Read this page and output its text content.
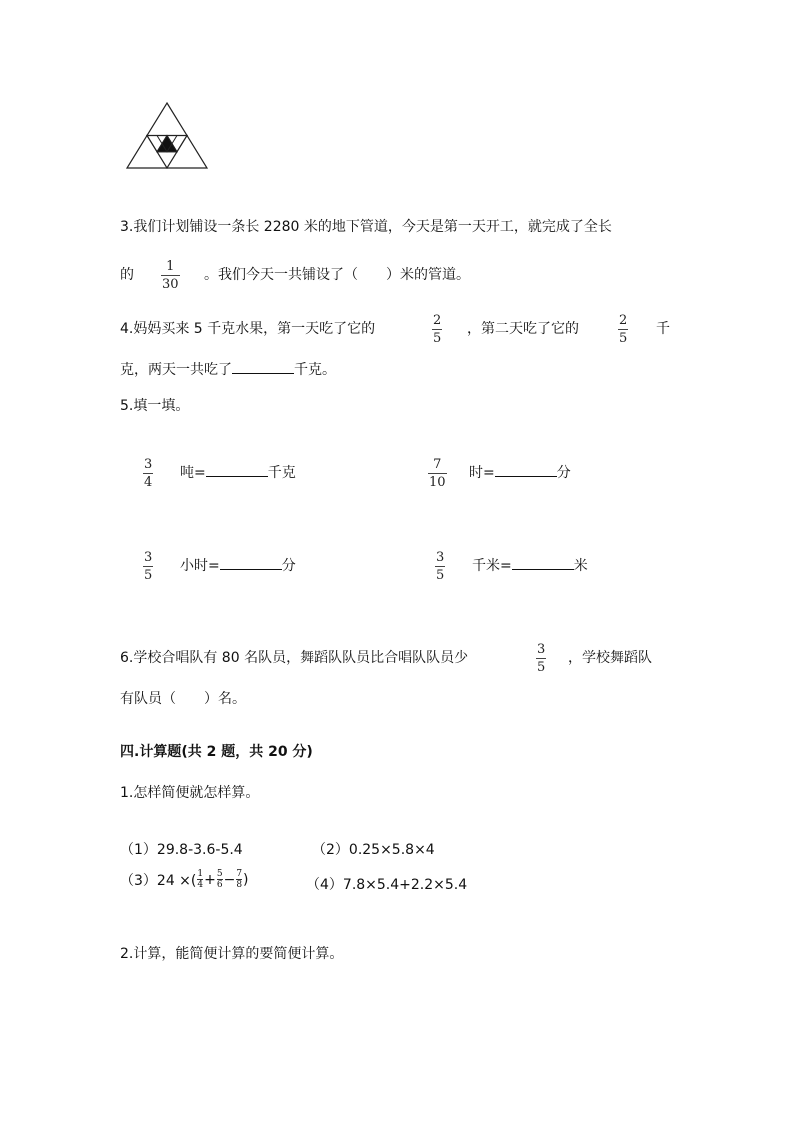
3.我们计划铺设一条长 2280 米的地下管道，今天是第一天开工，就完成了全长
的
1
30
。我们今天一共铺设了（　　）米的管道。
4.妈妈买来 5 千克水果，第一天吃了它的
2
5
，第二天吃了它的
2
5
千
克，两天一共吃了	千克。
5.填一填。
3
4
吨=	千克
7
10
时=	分
3
5
小时=	分
3
5
千米=	米
6.学校合唱队有 80 名队员，舞蹈队队员比合唱队队员少
3
5
，学校舞蹈队
有队员（　　）名。
四.计算题(共 2 题，共 20 分)
1.怎样简便就怎样算。
（1）29.8-3.6-5.4	（2）0.25×5.8×4
（3）24 ×( 1
4 + 5
6 − 7
8 )	（4）7.8×5.4+2.2×5.4
2.计算，能简便计算的要简便计算。
